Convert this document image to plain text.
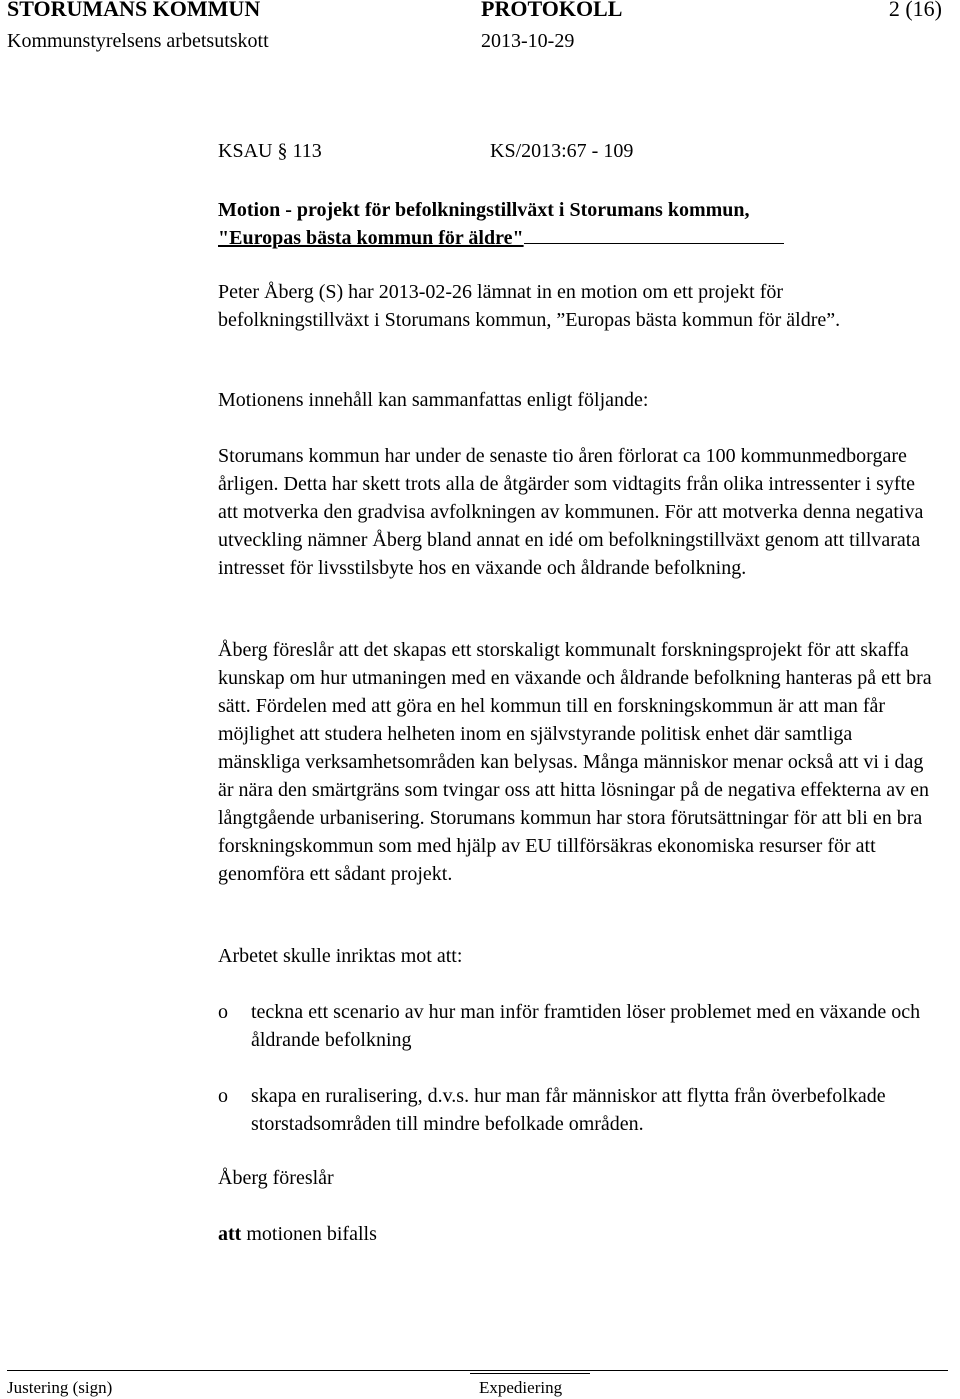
STORUMANS KOMMUN	PROTOKOLL	2 (16)
Kommunstyrelsens arbetsutskott	2013-10-29
KSAU § 113	KS/2013:67 - 109
Motion - projekt för befolkningstillväxt i Storumans kommun,
"Europas bästa kommun för äldre"

Peter Åberg (S) har 2013-02-26 lämnat in en motion om ett projekt för befolkningstillväxt i Storumans kommun, ”Europas bästa kommun för äldre”.

Motionens innehåll kan sammanfattas enligt följande:

Storumans kommun har under de senaste tio åren förlorat ca 100 kommunmedborgare årligen. Detta har skett trots alla de åtgärder som vidtagits från olika intressenter i syfte att motverka den gradvisa avfolkningen av kommunen. För att motverka denna negativa utveckling nämner Åberg bland annat en idé om befolkningstillväxt genom att tillvarata intresset för livsstilsbyte hos en växande och åldrande befolkning.

Åberg föreslår att det skapas ett storskaligt kommunalt forskningsprojekt för att skaffa kunskap om hur utmaningen med en växande och åldrande befolkning hanteras på ett bra sätt. Fördelen med att göra en hel kommun till en forskningskommun är att man får möjlighet att studera helheten inom en självstyrande politisk enhet där samtliga mänskliga verksamhetsområden kan belysas. Många människor menar också att vi i dag är nära den smärtgräns som tvingar oss att hitta lösningar på de negativa effekterna av en långtgående urbanisering. Storumans kommun har stora förutsättningar för att bli en bra forskningskommun som med hjälp av EU tillförsäkras ekonomiska resurser för att genomföra ett sådant projekt.

Arbetet skulle inriktas mot att:

o teckna ett scenario av hur man inför framtiden löser problemet med en växande och åldrande befolkning
o skapa en ruralisering, d.v.s. hur man får människor att flytta från överbefolkade storstadsområden till mindre befolkade områden.

Åberg föreslår

att motionen bifalls

Justering (sign)	Expediering
